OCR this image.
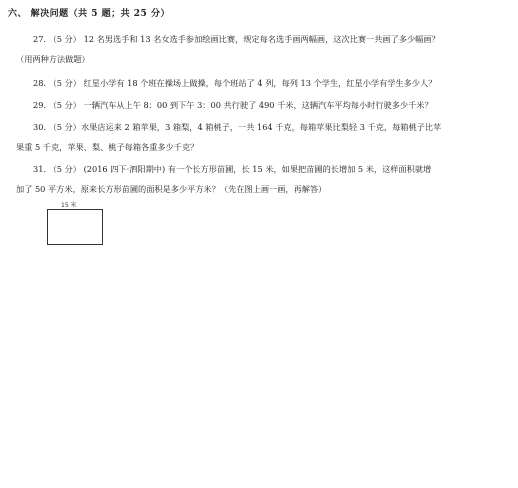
六、 解决问题（共 5 题；共 25 分）
27. （5 分） 12 名男选手和 13 名女选手参加绘画比赛，规定每名选手画两幅画，这次比赛一共画了多少幅画？
（用两种方法做题）
28. （5 分） 红星小学有 18 个班在操场上做操，每个班站了 4 列，每列 13 个学生，红星小学有学生多少人？
29. （5 分） 一辆汽车从上午 8：00 到下午 3：00 共行驶了 490 千米，这辆汽车平均每小时行驶多少千米？
30. （5 分）水果店运来 2 箱苹果，3 箱梨，4 箱桃子，一共 164 千克，每箱苹果比梨轻 3 千克，每箱桃子比苹
果重 5 千克，苹果、梨、桃子每箱各重多少千克？
31. （5 分） (2016 四下·泗阳期中) 有一个长方形苗圃，长 15 米，如果把苗圃的长增加 5 米，这样面积就增
加了 50 平方米，原来长方形苗圃的面积是多少平方米？（先在图上画一画，再解答）
15 米
